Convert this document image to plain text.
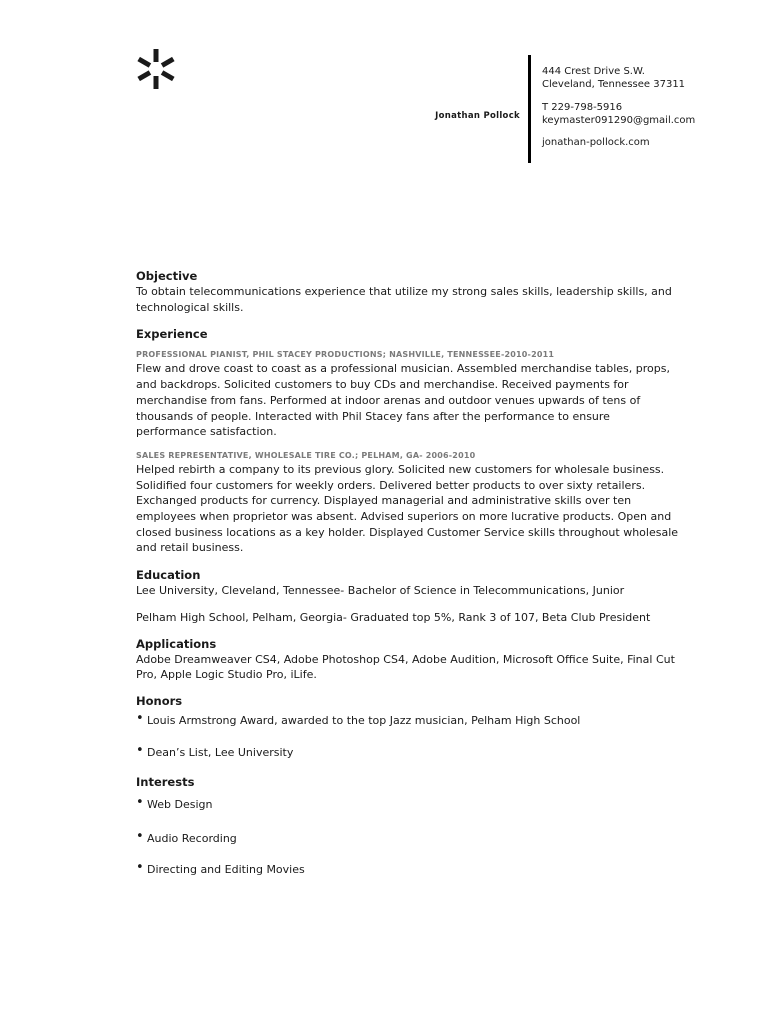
Jonathan Pollock
444 Crest Drive S.W.
Cleveland, Tennessee 37311
T 229-798-5916
keymaster091290@gmail.com
jonathan-pollock.com

Objective

To obtain telecommunications experience that utilize my strong sales skills, leadership skills, and
technological skills.

Experience

PROFESSIONAL PIANIST, PHIL STACEY PRODUCTIONS; NASHVILLE, TENNESSEE-2010-2011

Flew and drove coast to coast as a professional musician. Assembled merchandise tables, props,
and backdrops. Solicited customers to buy CDs and merchandise. Received payments for
merchandise from fans. Performed at indoor arenas and outdoor venues upwards of tens of
thousands of people. Interacted with Phil Stacey fans after the performance to ensure
performance satisfaction.

SALES REPRESENTATIVE, WHOLESALE TIRE CO.; PELHAM, GA- 2006-2010

Helped rebirth a company to its previous glory. Solicited new customers for wholesale business.
Solidified four customers for weekly orders. Delivered better products to over sixty retailers.
Exchanged products for currency. Displayed managerial and administrative skills over ten
employees when proprietor was absent. Advised superiors on more lucrative products. Open and
closed business locations as a key holder. Displayed Customer Service skills throughout wholesale
and retail business.

Education

Lee University, Cleveland, Tennessee- Bachelor of Science in Telecommunications, Junior

Pelham High School, Pelham, Georgia- Graduated top 5%, Rank 3 of 107, Beta Club President

Applications

Adobe Dreamweaver CS4, Adobe Photoshop CS4, Adobe Audition, Microsoft Office Suite, Final Cut
Pro, Apple Logic Studio Pro, iLife.

Honors

• Louis Armstrong Award, awarded to the top Jazz musician, Pelham High School
• Dean’s List, Lee University

Interests

• Web Design
• Audio Recording
• Directing and Editing Movies
